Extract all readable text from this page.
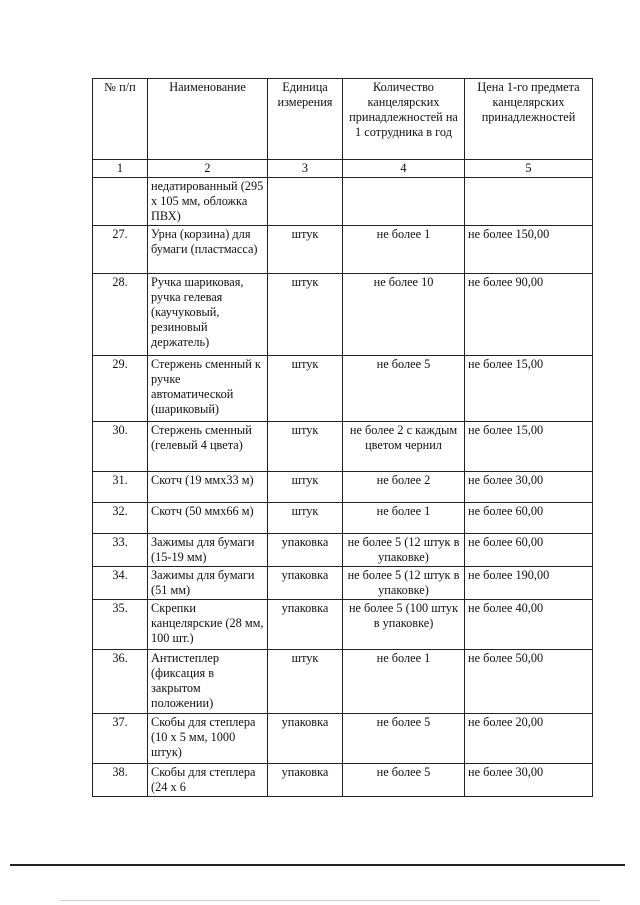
№ п/п	Наименование	Единица измерения	Количество канцелярских принадлежностей на 1 сотрудника в год	Цена 1-го предмета канцелярских принадлежностей
1	2	3	4	5
	недатированный (295 х 105 мм, обложка ПВХ)			
27.	Урна (корзина) для бумаги (пластмасса)	штук	не более 1	не более 150,00
28.	Ручка шариковая, ручка гелевая (каучуковый, резиновый держатель)	штук	не более 10	не более 90,00
29.	Стержень сменный к ручке автоматической (шариковый)	штук	не более 5	не более 15,00
30.	Стержень сменный (гелевый 4 цвета)	штук	не более 2 с каждым цветом чернил	не более 15,00
31.	Скотч (19 ммх33 м)	штук	не более 2	не более 30,00
32.	Скотч (50 ммх66 м)	штук	не более 1	не более 60,00
33.	Зажимы для бумаги (15-19 мм)	упаковка	не более 5 (12 штук в упаковке)	не более 60,00
34.	Зажимы для бумаги (51 мм)	упаковка	не более 5 (12 штук в упаковке)	не более 190,00
35.	Скрепки канцелярские (28 мм, 100 шт.)	упаковка	не более 5 (100 штук в упаковке)	не более 40,00
36.	Антистеплер (фиксация в закрытом положении)	штук	не более 1	не более 50,00
37.	Скобы для степлера (10 х 5 мм, 1000 штук)	упаковка	не более 5	не более 20,00
38.	Скобы для степлера (24 х 6	упаковка	не более 5	не более 30,00
